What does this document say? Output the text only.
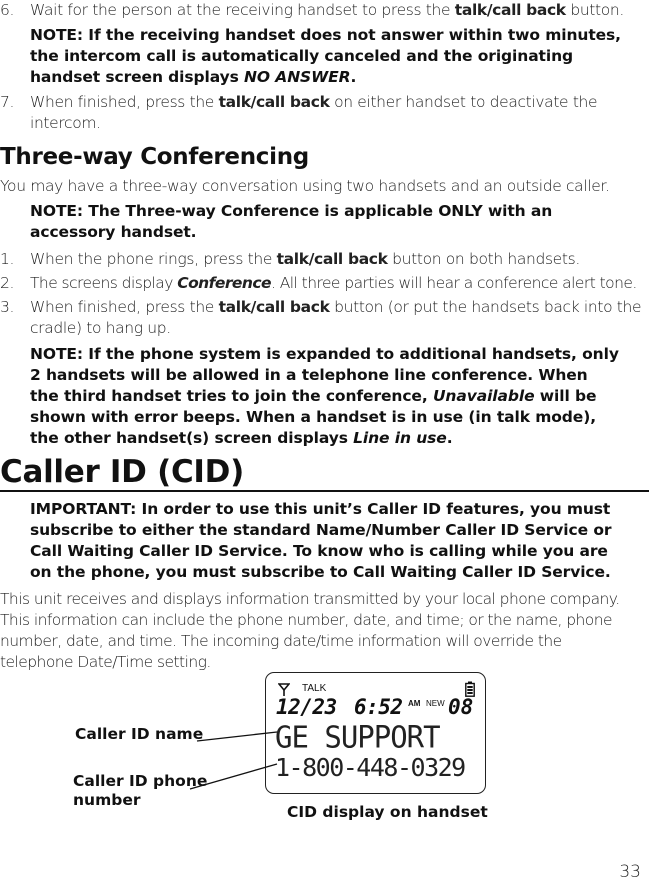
6. Wait for the person at the receiving handset to press the talk/call back button.
NOTE: If the receiving handset does not answer within two minutes,
the intercom call is automatically canceled and the originating
handset screen displays NO ANSWER.
7. When finished, press the talk/call back on either handset to deactivate the
intercom.
Three-way Conferencing
You may have a three-way conversation using two handsets and an outside caller.
NOTE: The Three-way Conference is applicable ONLY with an
accessory handset.
1. When the phone rings, press the talk/call back button on both handsets.
2. The screens display Conference. All three parties will hear a conference alert tone.
3. When finished, press the talk/call back button (or put the handsets back into the
cradle) to hang up.
NOTE: If the phone system is expanded to additional handsets, only
2 handsets will be allowed in a telephone line conference. When
the third handset tries to join the conference, Unavailable will be
shown with error beeps. When a handset is in use (in talk mode),
the other handset(s) screen displays Line in use.
Caller ID (CID)
IMPORTANT: In order to use this unit’s Caller ID features, you must
subscribe to either the standard Name/Number Caller ID Service or
Call Waiting Caller ID Service. To know who is calling while you are
on the phone, you must subscribe to Call Waiting Caller ID Service.
This unit receives and displays information transmitted by your local phone company.
This information can include the phone number, date, and time; or the name, phone
number, date, and time. The incoming date/time information will override the
telephone Date/Time setting.
TALK
12/23 6:52 AM NEW 08
GE SUPPORT
1-800-448-0329
Caller ID name
Caller ID phone
number
CID display on handset
33
